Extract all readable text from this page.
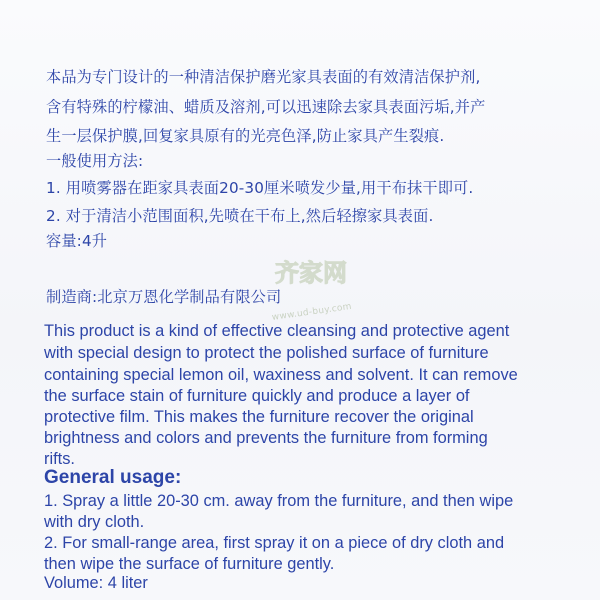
本品为专门设计的一种清洁保护磨光家具表面的有效清洁保护剂,
含有特殊的柠檬油、蜡质及溶剂,可以迅速除去家具表面污垢,并产
生一层保护膜,回复家具原有的光亮色泽,防止家具产生裂痕.
一般使用方法:
1. 用喷雾器在距家具表面20-30厘米喷发少量,用干布抹干即可.
2. 对于清洁小范围面积,先喷在干布上,然后轻擦家具表面.
容量:4升
制造商:北京万恩化学制品有限公司
齐家网
www.ud-buy.com
This product is a kind of effective cleansing and protective agent
with special design to protect the polished surface of furniture
containing special lemon oil, waxiness and solvent. It can remove
the surface stain of furniture quickly and produce a layer of
protective film. This makes the furniture recover the original
brightness and colors and prevents the furniture from forming
rifts.
General usage:
1. Spray a little 20-30 cm. away from the furniture, and then wipe
with dry cloth.
2. For small-range area, first spray it on a piece of dry cloth and
then wipe the surface of furniture gently.
Volume: 4 liter
